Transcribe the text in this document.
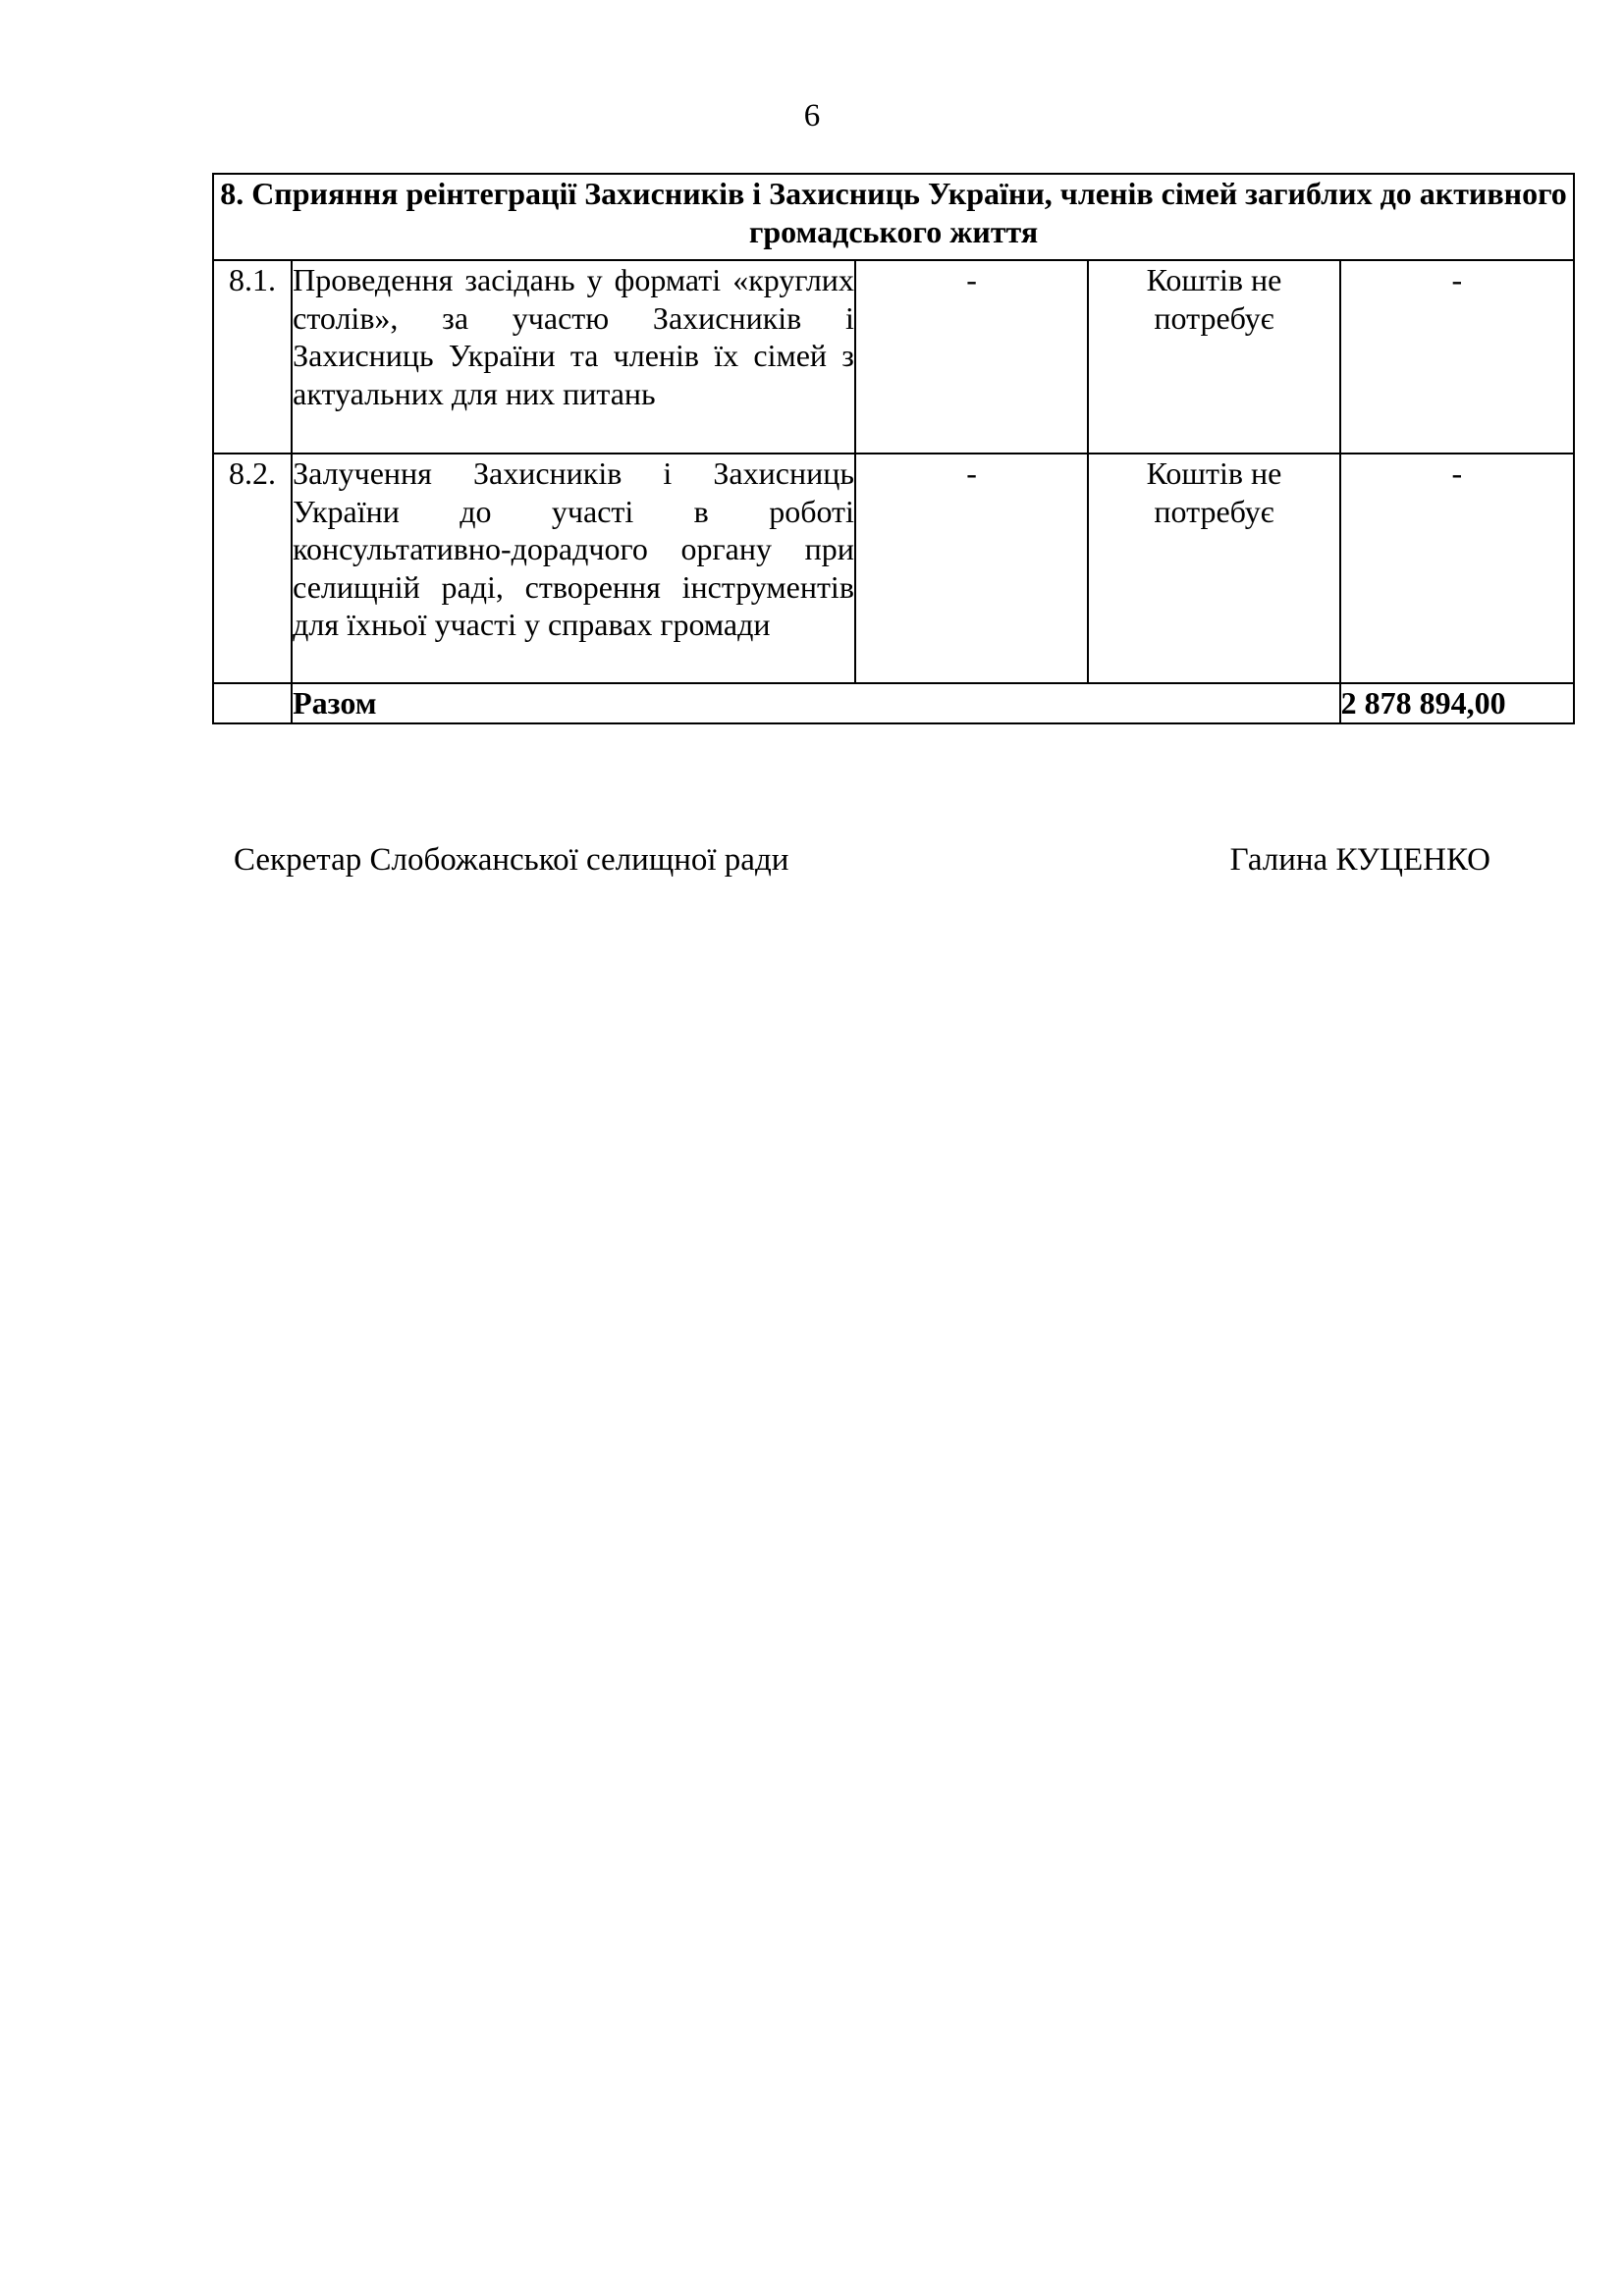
6
8. Сприяння реінтеграції Захисників і Захисниць України, членів сімей загиблих до активного громадського життя				
8.1.	Проведення засідань у форматі «круглих столів», за участю Захисників і Захисниць України та членів їх сімей з актуальних для них питань	-	Коштів не потребує	-
8.2.	Залучення Захисників і Захисниць України до участі в роботі консультативно-дорадчого органу при селищній раді, створення інструментів для їхньої участі у справах громади	-	Коштів не потребує	-
	Разом			2 878 894,00
Секретар Слобожанської селищної ради	Галина КУЦЕНКО
